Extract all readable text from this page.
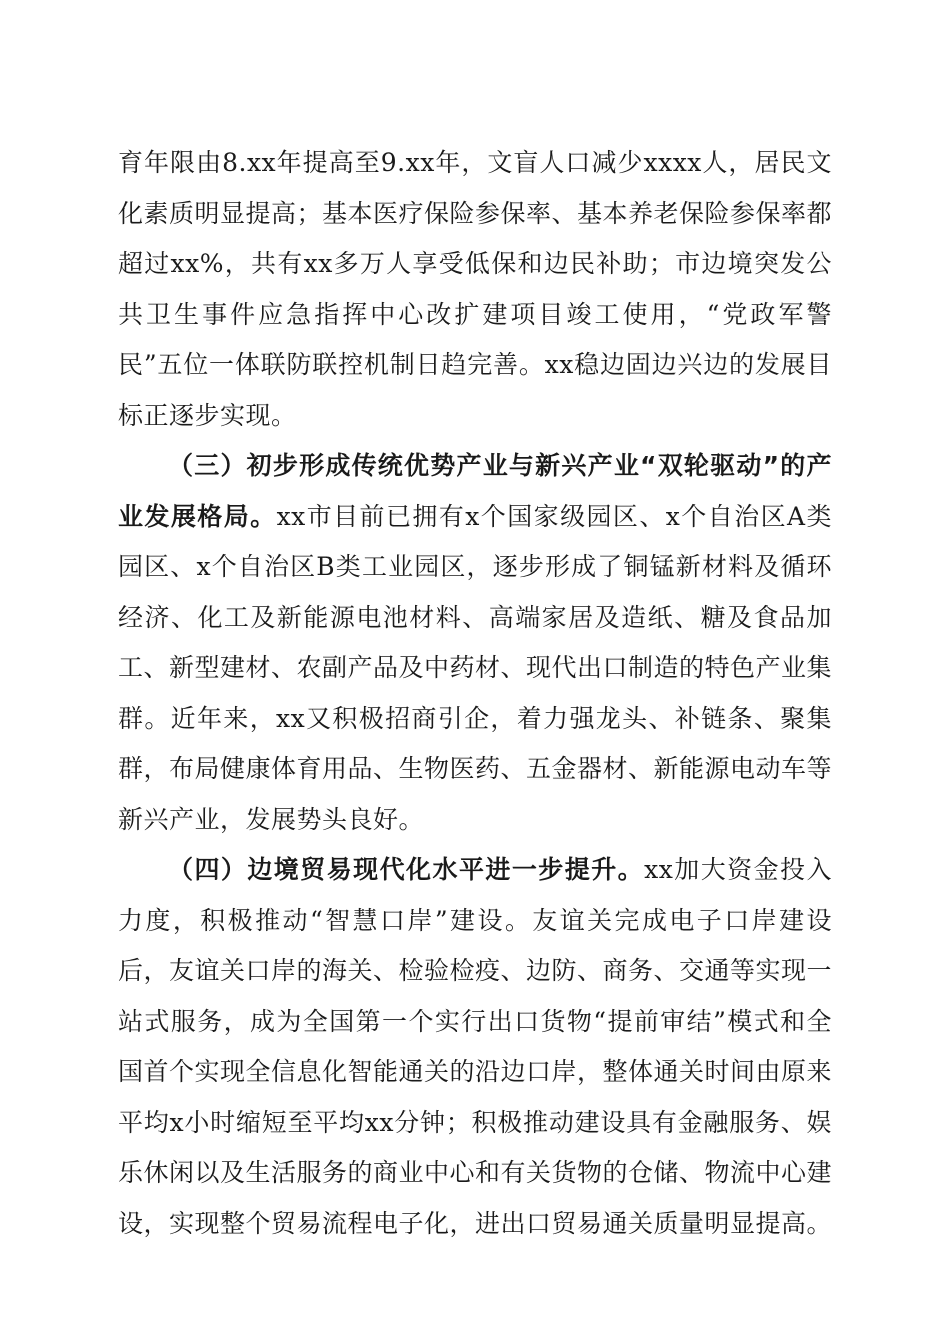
育年限由8.xx年提高至9.xx年，文盲人口减少xxxx人，居民文化素质明显提高；基本医疗保险参保率、基本养老保险参保率都超过xx%，共有xx多万人享受低保和边民补助；市边境突发公共卫生事件应急指挥中心改扩建项目竣工使用，“党政军警民”五位一体联防联控机制日趋完善。xx稳边固边兴边的发展目标正逐步实现。

（三）初步形成传统优势产业与新兴产业“双轮驱动”的产业发展格局。xx市目前已拥有x个国家级园区、x个自治区A类园区、x个自治区B类工业园区，逐步形成了铜锰新材料及循环经济、化工及新能源电池材料、高端家居及造纸、糖及食品加工、新型建材、农副产品及中药材、现代出口制造的特色产业集群。近年来，xx又积极招商引企，着力强龙头、补链条、聚集群，布局健康体育用品、生物医药、五金器材、新能源电动车等新兴产业，发展势头良好。

（四）边境贸易现代化水平进一步提升。xx加大资金投入力度，积极推动“智慧口岸”建设。友谊关完成电子口岸建设后，友谊关口岸的海关、检验检疫、边防、商务、交通等实现一站式服务，成为全国第一个实行出口货物“提前审结”模式和全国首个实现全信息化智能通关的沿边口岸，整体通关时间由原来平均x小时缩短至平均xx分钟；积极推动建设具有金融服务、娱乐休闲以及生活服务的商业中心和有关货物的仓储、物流中心建设，实现整个贸易流程电子化，进出口贸易通关质量明显提高。
